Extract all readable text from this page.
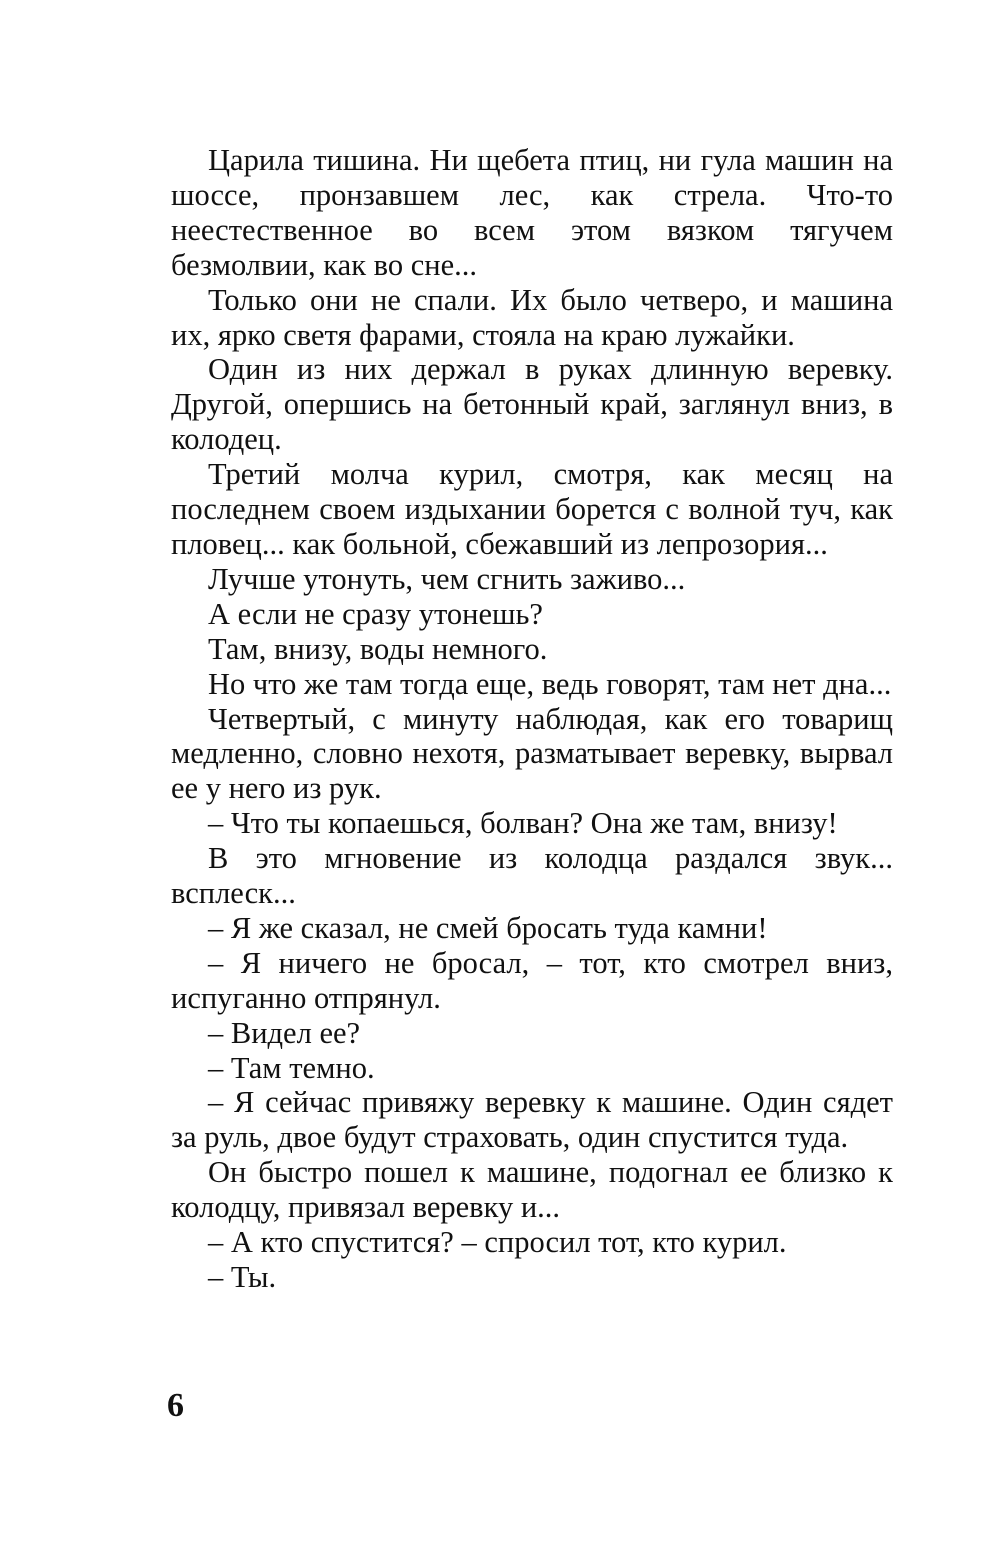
Царила тишина. Ни щебета птиц, ни гула машин на шоссе, пронзавшем лес, как стрела. Что-то неестественное во всем этом вязком тягучем безмолвии, как во сне...

Только они не спали. Их было четверо, и машина их, ярко светя фарами, стояла на краю лужайки.

Один из них держал в руках длинную веревку. Другой, опершись на бетонный край, заглянул вниз, в колодец.

Третий молча курил, смотря, как месяц на последнем своем издыхании борется с волной туч, как пловец... как больной, сбежавший из лепрозория...

Лучше утонуть, чем сгнить заживо...

А если не сразу утонешь?

Там, внизу, воды немного.

Но что же там тогда еще, ведь говорят, там нет дна...

Четвертый, с минуту наблюдая, как его товарищ медленно, словно нехотя, разматывает веревку, вырвал ее у него из рук.

– Что ты копаешься, болван? Она же там, внизу!

В это мгновение из колодца раздался звук... всплеск...

– Я же сказал, не смей бросать туда камни!

– Я ничего не бросал, – тот, кто смотрел вниз, испуганно отпрянул.

– Видел ее?

– Там темно.

– Я сейчас привяжу веревку к машине. Один сядет за руль, двое будут страховать, один спустится туда.

Он быстро пошел к машине, подогнал ее близко к колодцу, привязал веревку и...

– А кто спустится? – спросил тот, кто курил.

– Ты.

6
